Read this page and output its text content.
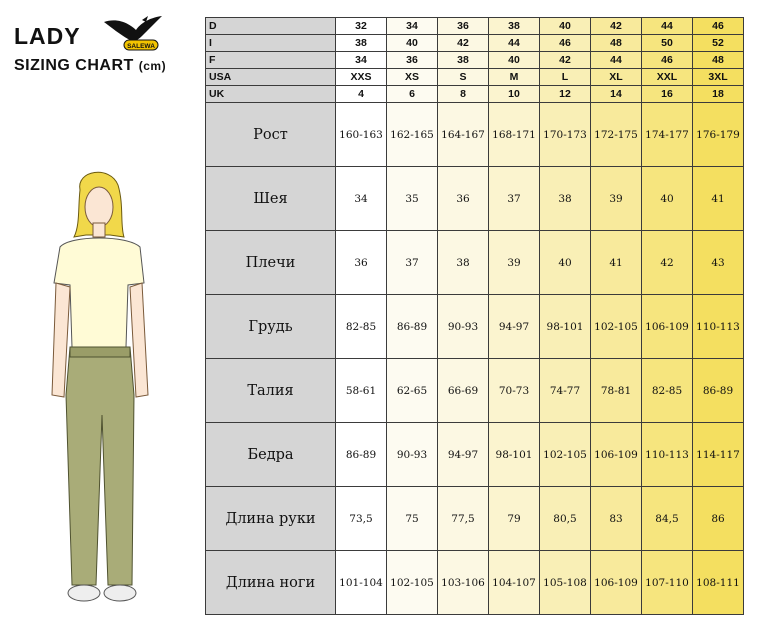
LADY
SIZING CHART (cm)
SALEWA
D	32	34	36	38	40	42	44	46
I	38	40	42	44	46	48	50	52
F	34	36	38	40	42	44	46	48
USA	XXS	XS	S	M	L	XL	XXL	3XL
UK	4	6	8	10	12	14	16	18
Рост	160-163	162-165	164-167	168-171	170-173	172-175	174-177	176-179
Шея	34	35	36	37	38	39	40	41
Плечи	36	37	38	39	40	41	42	43
Грудь	82-85	86-89	90-93	94-97	98-101	102-105	106-109	110-113
Талия	58-61	62-65	66-69	70-73	74-77	78-81	82-85	86-89
Бедра	86-89	90-93	94-97	98-101	102-105	106-109	110-113	114-117
Длина руки	73,5	75	77,5	79	80,5	83	84,5	86
Длина ноги	101-104	102-105	103-106	104-107	105-108	106-109	107-110	108-111
